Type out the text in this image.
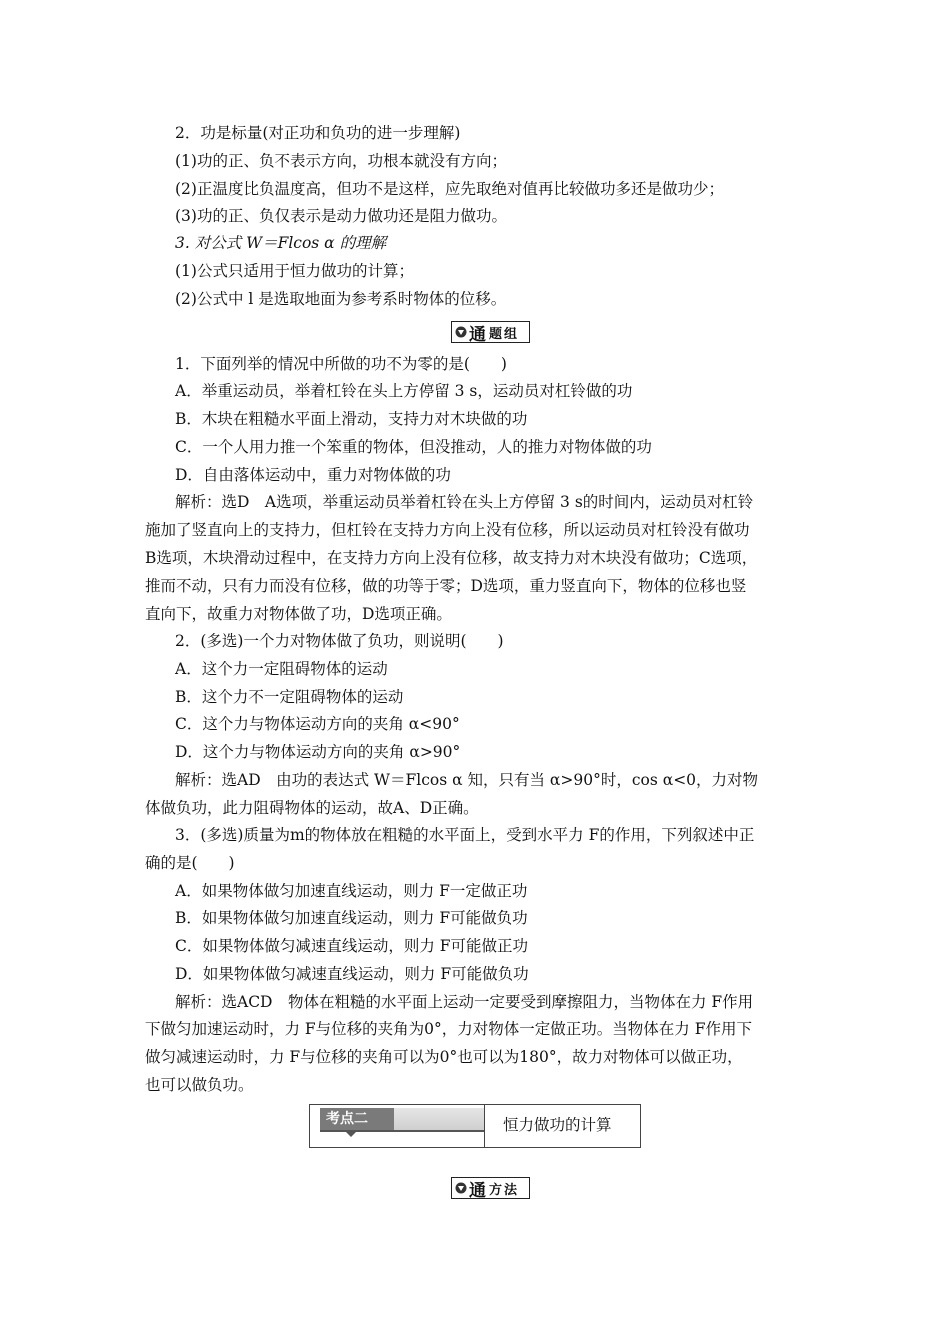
2．功是标量(对正功和负功的进一步理解)
(1)功的正、负不表示方向，功根本就没有方向；
(2)正温度比负温度高，但功不是这样，应先取绝对值再比较做功多还是做功少；
(3)功的正、负仅表示是动力做功还是阻力做功。
3. 对公式 W＝Flcos α 的理解
(1)公式只适用于恒力做功的计算；
(2)公式中 l 是选取地面为参考系时物体的位移。
通 题组
1．下面列举的情况中所做的功不为零的是(　　)
A．举重运动员，举着杠铃在头上方停留 3 s，运动员对杠铃做的功
B．木块在粗糙水平面上滑动，支持力对木块做的功
C．一个人用力推一个笨重的物体，但没推动，人的推力对物体做的功
D．自由落体运动中，重力对物体做的功
解析：选D　A选项，举重运动员举着杠铃在头上方停留 3 s的时间内，运动员对杠铃
施加了竖直向上的支持力，但杠铃在支持力方向上没有位移，所以运动员对杠铃没有做功
B选项，木块滑动过程中，在支持力方向上没有位移，故支持力对木块没有做功；C选项，
推而不动，只有力而没有位移，做的功等于零；D选项，重力竖直向下，物体的位移也竖
直向下，故重力对物体做了功，D选项正确。
2．(多选)一个力对物体做了负功，则说明(　　)
A．这个力一定阻碍物体的运动
B．这个力不一定阻碍物体的运动
C．这个力与物体运动方向的夹角 α<90°
D．这个力与物体运动方向的夹角 α>90°
解析：选AD　由功的表达式 W＝Flcos α 知，只有当 α>90°时，cos α<0，力对物
体做负功，此力阻碍物体的运动，故A、D正确。
3．(多选)质量为m的物体放在粗糙的水平面上，受到水平力 F的作用，下列叙述中正
确的是(　　)
A．如果物体做匀加速直线运动，则力 F一定做正功
B．如果物体做匀加速直线运动，则力 F可能做负功
C．如果物体做匀减速直线运动，则力 F可能做正功
D．如果物体做匀减速直线运动，则力 F可能做负功
解析：选ACD　物体在粗糙的水平面上运动一定要受到摩擦阻力，当物体在力 F作用
下做匀加速运动时，力 F与位移的夹角为0°，力对物体一定做正功。当物体在力 F作用下
做匀减速运动时，力 F与位移的夹角可以为0°也可以为180°，故力对物体可以做正功，
也可以做负功。
考点二	恒力做功的计算
通 方法
